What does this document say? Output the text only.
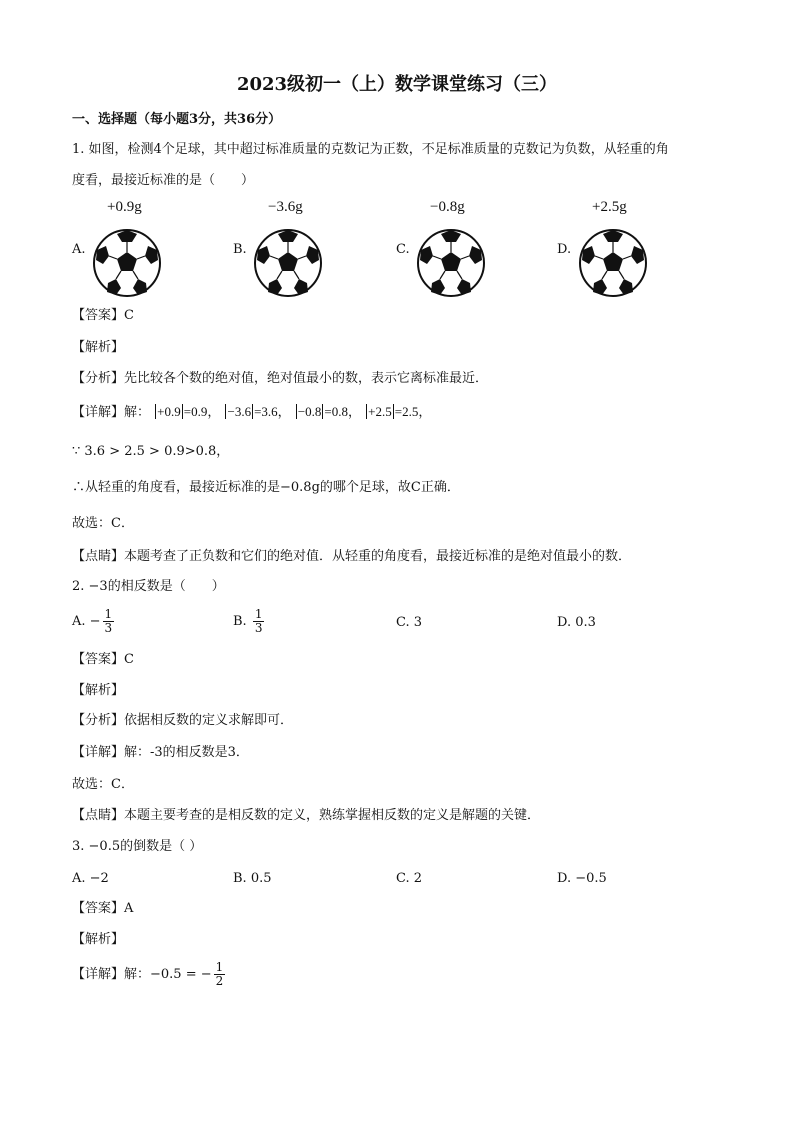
2023级初一（上）数学课堂练习（三）
一、选择题（每小题3分，共36分）
1. 如图，检测4个足球，其中超过标准质量的克数记为正数，不足标准质量的克数记为负数，从轻重的角
度看，最接近标准的是（　　）
+0.9g	−3.6g	−0.8g	+2.5g
A.	B.	C.	D.
【答案】C
【解析】
【分析】先比较各个数的绝对值，绝对值最小的数，表示它离标准最近．
【详解】解： +0.9 =0.9， −3.6 =3.6， −0.8 =0.8， +2.5 =2.5，
∵ 3.6 > 2.5 > 0.9>0.8，
∴从轻重的角度看，最接近标准的是−0.8g的哪个足球，故C正确．
故选：C．
【点睛】本题考查了正负数和它们的绝对值．从轻重的角度看，最接近标准的是绝对值最小的数．
2. −3的相反数是（　　）
A. − $\frac{1}{3}$	B. $\frac{1}{3}$	C. 3	D. 0.3
【答案】C
【解析】
【分析】依据相反数的定义求解即可．
【详解】解：-3的相反数是3．
故选：C．
【点睛】本题主要考查的是相反数的定义，熟练掌握相反数的定义是解题的关键．
3. −0.5的倒数是（ ）
A. −2	B. 0.5	C. 2	D. −0.5
【答案】A
【解析】
【详解】解：−0.5 = − $\frac{1}{2}$
